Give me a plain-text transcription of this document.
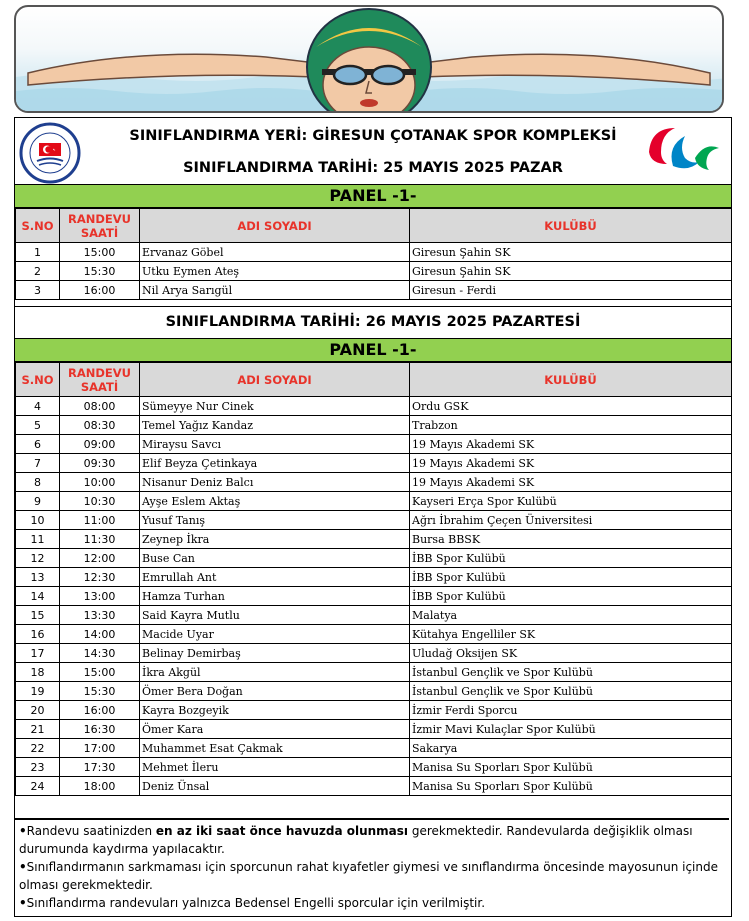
SINIFLANDIRMA YERİ: GİRESUN ÇOTANAK SPOR KOMPLEKSİ
SINIFLANDIRMA TARİHİ: 25 MAYIS 2025 PAZAR
PANEL -1-
S.NO	RANDEVU SAATİ	ADI SOYADI	KULÜBÜ
1	15:00	Ervanaz Göbel	Giresun Şahin SK
2	15:30	Utku Eymen Ateş	Giresun Şahin SK
3	16:00	Nil Arya Sarıgül	Giresun - Ferdi
SINIFLANDIRMA TARİHİ: 26 MAYIS 2025 PAZARTESİ
PANEL -1-
S.NO	RANDEVU SAATİ	ADI SOYADI	KULÜBÜ
4	08:00	Sümeyye Nur Cinek	Ordu GSK
5	08:30	Temel Yağız Kandaz	Trabzon
6	09:00	Miraysu Savcı	19 Mayıs Akademi SK
7	09:30	Elif Beyza Çetinkaya	19 Mayıs Akademi SK
8	10:00	Nisanur Deniz Balcı	19 Mayıs Akademi SK
9	10:30	Ayşe Eslem Aktaş	Kayseri Erça Spor Kulübü
10	11:00	Yusuf Tanış	Ağrı İbrahim Çeçen Üniversitesi
11	11:30	Zeynep İkra	Bursa BBSK
12	12:00	Buse Can	İBB Spor Kulübü
13	12:30	Emrullah Ant	İBB Spor Kulübü
14	13:00	Hamza Turhan	İBB Spor Kulübü
15	13:30	Said Kayra Mutlu	Malatya
16	14:00	Macide Uyar	Kütahya Engelliler SK
17	14:30	Belinay Demirbaş	Uludağ Oksijen SK
18	15:00	İkra Akgül	İstanbul Gençlik ve Spor Kulübü
19	15:30	Ömer Bera Doğan	İstanbul Gençlik ve Spor Kulübü
20	16:00	Kayra Bozgeyik	İzmir Ferdi Sporcu
21	16:30	Ömer Kara	İzmir Mavi Kulaçlar Spor Kulübü
22	17:00	Muhammet Esat Çakmak	Sakarya
23	17:30	Mehmet İleru	Manisa Su Sporları Spor Kulübü
24	18:00	Deniz Ünsal	Manisa Su Sporları Spor Kulübü

•Randevu saatinizden en az iki saat önce havuzda olunması gerekmektedir. Randevularda değişiklik olması durumunda kaydırma yapılacaktır.

•Sınıflandırmanın sarkmaması için sporcunun rahat kıyafetler giymesi ve sınıflandırma öncesinde mayosunun içinde olması gerekmektedir.

•Sınıflandırma randevuları yalnızca Bedensel Engelli sporcular için verilmiştir.
